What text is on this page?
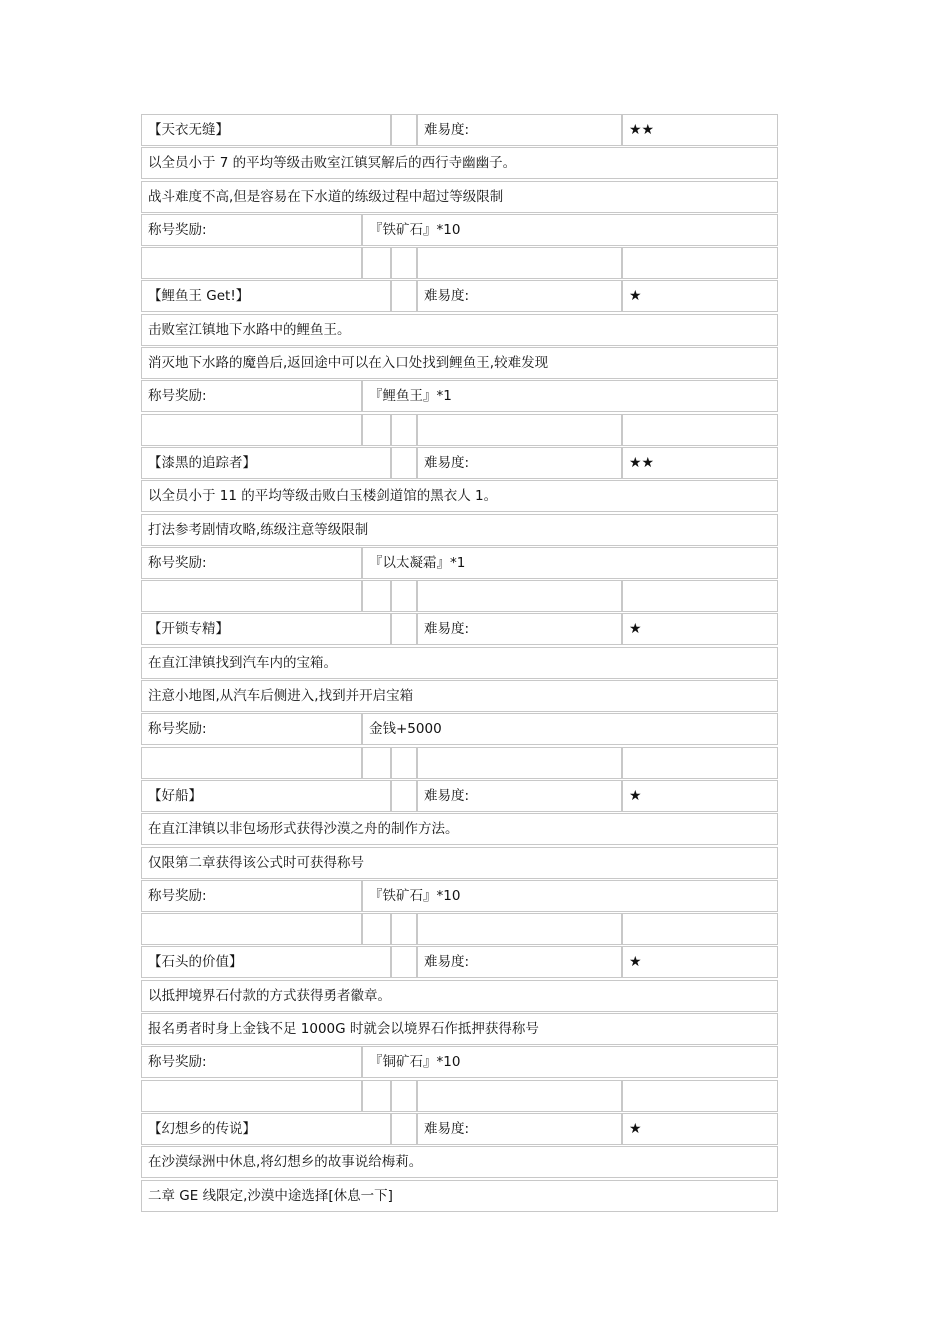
【天衣无缝】	难易度:	★★
以全员小于 7 的平均等级击败室江镇冥解后的西行寺幽幽子。
战斗难度不高,但是容易在下水道的练级过程中超过等级限制
称号奖励:	『铁矿石』*10
【鲤鱼王 Get!】	难易度:	★
击败室江镇地下水路中的鲤鱼王。
消灭地下水路的魔兽后,返回途中可以在入口处找到鲤鱼王,较难发现
称号奖励:	『鲤鱼王』*1
【漆黑的追踪者】	难易度:	★★
以全员小于 11 的平均等级击败白玉楼剑道馆的黑衣人 1。
打法参考剧情攻略,练级注意等级限制
称号奖励:	『以太凝霜』*1
【开锁专精】	难易度:	★
在直江津镇找到汽车内的宝箱。
注意小地图,从汽车后侧进入,找到并开启宝箱
称号奖励:	金钱+5000
【好船】	难易度:	★
在直江津镇以非包场形式获得沙漠之舟的制作方法。
仅限第二章获得该公式时可获得称号
称号奖励:	『铁矿石』*10
【石头的价值】	难易度:	★
以抵押境界石付款的方式获得勇者徽章。
报名勇者时身上金钱不足 1000G 时就会以境界石作抵押获得称号
称号奖励:	『铜矿石』*10
【幻想乡的传说】	难易度:	★
在沙漠绿洲中休息,将幻想乡的故事说给梅莉。
二章 GE 线限定,沙漠中途选择[休息一下]
